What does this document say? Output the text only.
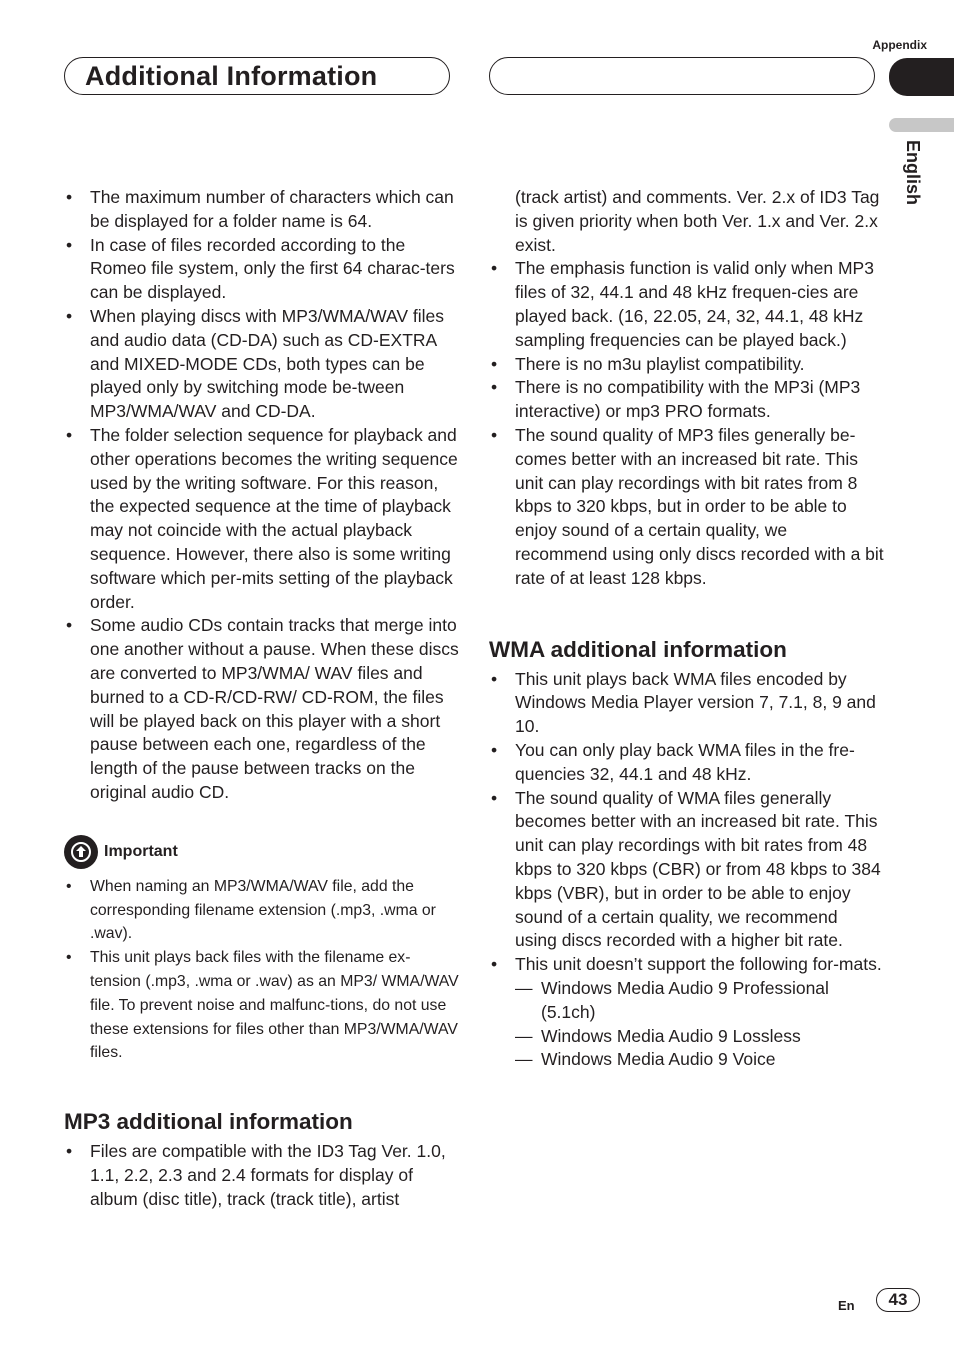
Appendix
Additional Information
English
• The maximum number of characters which can be displayed for a folder name is 64.
• In case of files recorded according to the Romeo file system, only the first 64 charac-ters can be displayed.
• When playing discs with MP3/WMA/WAV files and audio data (CD-DA) such as CD-EXTRA and MIXED-MODE CDs, both types can be played only by switching mode be-tween MP3/WMA/WAV and CD-DA.
• The folder selection sequence for playback and other operations becomes the writing sequence used by the writing software. For this reason, the expected sequence at the time of playback may not coincide with the actual playback sequence. However, there also is some writing software which per-mits setting of the playback order.
• Some audio CDs contain tracks that merge into one another without a pause. When these discs are converted to MP3/WMA/ WAV files and burned to a CD-R/CD-RW/ CD-ROM, the files will be played back on this player with a short pause between each one, regardless of the length of the pause between tracks on the original audio CD.
Important
• When naming an MP3/WMA/WAV file, add the corresponding filename extension (.mp3, .wma or .wav).
• This unit plays back files with the filename ex-tension (.mp3, .wma or .wav) as an MP3/ WMA/WAV file. To prevent noise and malfunc-tions, do not use these extensions for files other than MP3/WMA/WAV files.
MP3 additional information
• Files are compatible with the ID3 Tag Ver. 1.0, 1.1, 2.2, 2.3 and 2.4 formats for display of album (disc title), track (track title), artist
(track artist) and comments. Ver. 2.x of ID3 Tag is given priority when both Ver. 1.x and Ver. 2.x exist.
• The emphasis function is valid only when MP3 files of 32, 44.1 and 48 kHz frequen-cies are played back. (16, 22.05, 24, 32, 44.1, 48 kHz sampling frequencies can be played back.)
• There is no m3u playlist compatibility.
• There is no compatibility with the MP3i (MP3 interactive) or mp3 PRO formats.
• The sound quality of MP3 files generally be-comes better with an increased bit rate. This unit can play recordings with bit rates from 8 kbps to 320 kbps, but in order to be able to enjoy sound of a certain quality, we recommend using only discs recorded with a bit rate of at least 128 kbps.
WMA additional information
• This unit plays back WMA files encoded by Windows Media Player version 7, 7.1, 8, 9 and 10.
• You can only play back WMA files in the fre-quencies 32, 44.1 and 48 kHz.
• The sound quality of WMA files generally becomes better with an increased bit rate. This unit can play recordings with bit rates from 48 kbps to 320 kbps (CBR) or from 48 kbps to 384 kbps (VBR), but in order to be able to enjoy sound of a certain quality, we recommend using discs recorded with a higher bit rate.
• This unit doesn’t support the following for-mats.
— Windows Media Audio 9 Professional (5.1ch)
— Windows Media Audio 9 Lossless
— Windows Media Audio 9 Voice
En	43
